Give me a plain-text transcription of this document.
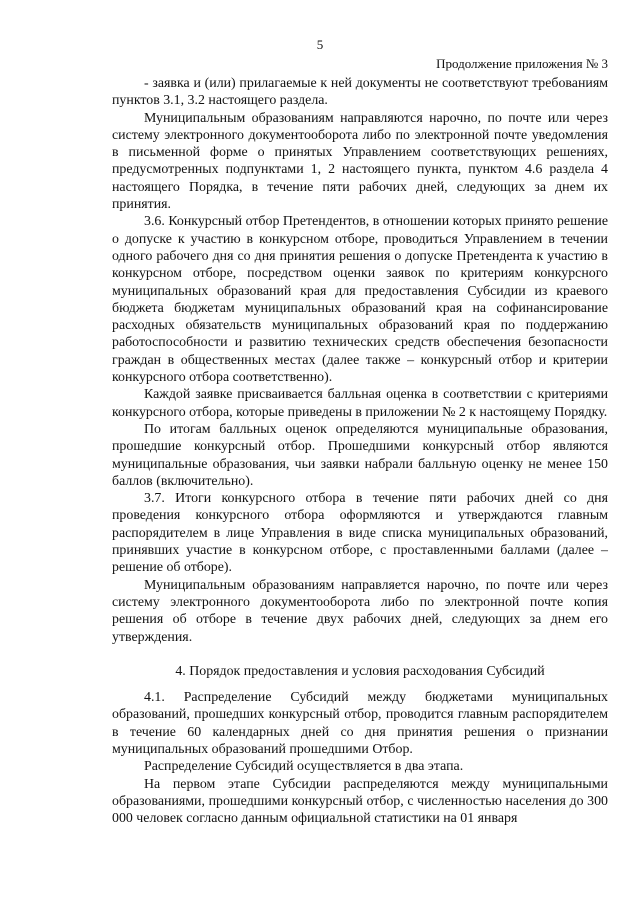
5
Продолжение приложения № 3

- заявка и (или) прилагаемые к ней документы не соответствуют требованиям пунктов 3.1, 3.2 настоящего раздела.

Муниципальным образованиям направляются нарочно, по почте или через систему электронного документооборота либо по электронной почте уведомления в письменной форме о принятых Управлением соответствующих решениях, предусмотренных подпунктами 1, 2 настоящего пункта, пунктом 4.6 раздела 4 настоящего Порядка, в течение пяти рабочих дней, следующих за днем их принятия.

3.6. Конкурсный отбор Претендентов, в отношении которых принято решение о допуске к участию в конкурсном отборе, проводиться Управлением в течении одного рабочего дня со дня принятия решения о допуске Претендента к участию в конкурсном отборе, посредством оценки заявок по критериям конкурсного муниципальных образований края для предоставления Субсидии из краевого бюджета бюджетам муниципальных образований края на софинансирование расходных обязательств муниципальных образований края по поддержанию работоспособности и развитию технических средств обеспечения безопасности граждан в общественных местах (далее также – конкурсный отбор и критерии конкурсного отбора соответственно).

Каждой заявке присваивается балльная оценка в соответствии с критериями конкурсного отбора, которые приведены в приложении № 2 к настоящему Порядку.

По итогам балльных оценок определяются муниципальные образования, прошедшие конкурсный отбор. Прошедшими конкурсный отбор являются муниципальные образования, чьи заявки набрали балльную оценку не менее 150 баллов (включительно).

3.7. Итоги конкурсного отбора в течение пяти рабочих дней со дня проведения конкурсного отбора оформляются и утверждаются главным распорядителем в лице Управления в виде списка муниципальных образований, принявших участие в конкурсном отборе, с проставленными баллами (далее – решение об отборе).

Муниципальным образованиям направляется нарочно, по почте или через систему электронного документооборота либо по электронной почте копия решения об отборе в течение двух рабочих дней, следующих за днем его утверждения.

4. Порядок предоставления и условия расходования Субсидий

4.1. Распределение Субсидий между бюджетами муниципальных образований, прошедших конкурсный отбор, проводится главным распорядителем в течение 60 календарных дней со дня принятия решения о признании муниципальных образований прошедшими Отбор.

Распределение Субсидий осуществляется в два этапа.

На первом этапе Субсидии распределяются между муниципальными образованиями, прошедшими конкурсный отбор, с численностью населения до 300 000 человек согласно данным официальной статистики на 01 января
